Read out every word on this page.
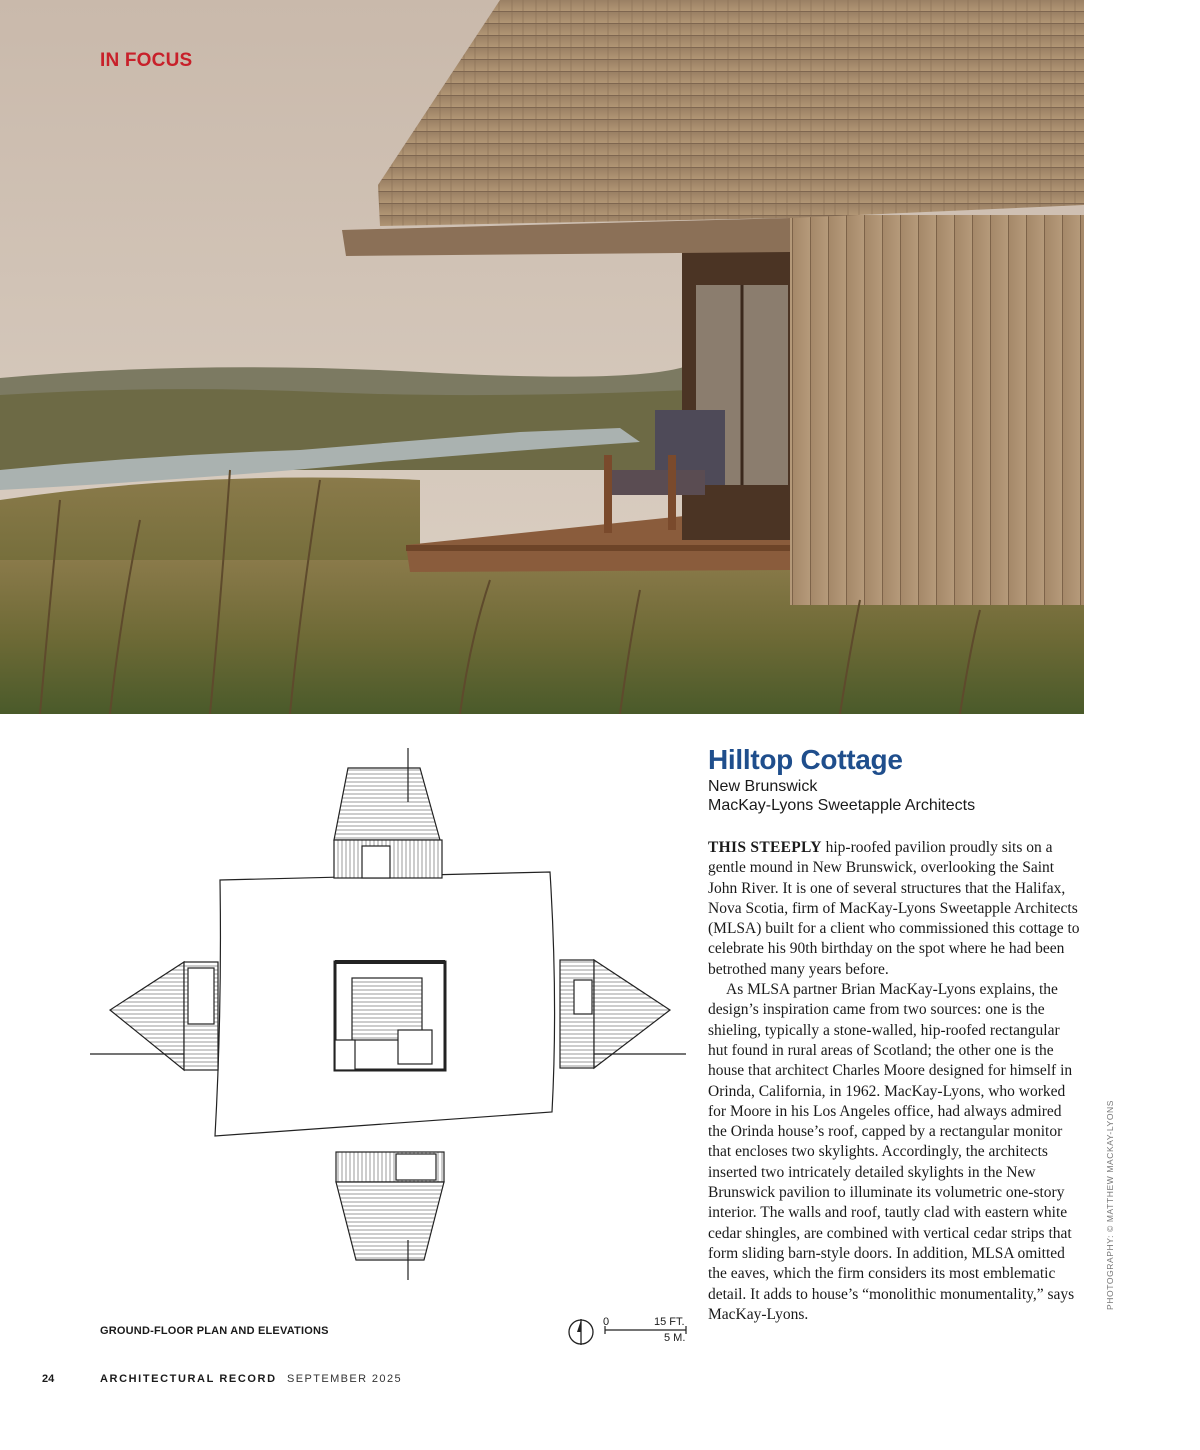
IN FOCUS
GROUND-FLOOR PLAN AND ELEVATIONS
0	15 FT.
5 M.
Hilltop Cottage
New Brunswick
MacKay-Lyons Sweetapple Architects

THIS STEEPLY hip-roofed pavilion proudly sits on a gentle mound in New Brunswick, overlooking the Saint John River. It is one of several structures that the Halifax, Nova Scotia, firm of MacKay-Lyons Sweetapple Architects (MLSA) built for a client who commissioned this cottage to celebrate his 90th birthday on the spot where he had been betrothed many years before.

As MLSA partner Brian MacKay-Lyons explains, the design’s inspiration came from two sources: one is the shieling, typically a stone-walled, hip-roofed rectangular hut found in rural areas of Scotland; the other one is the house that architect Charles Moore designed for himself in Orinda, California, in 1962. MacKay-Lyons, who worked for Moore in his Los Angeles office, had always admired the Orinda house’s roof, capped by a rectangular monitor that encloses two skylights. Accordingly, the architects inserted two intricately detailed skylights in the New Brunswick pavilion to illuminate its volumetric one-story interior. The walls and roof, tautly clad with eastern white cedar shingles, are combined with vertical cedar strips that form sliding barn-style doors. In addition, MLSA omitted the eaves, which the firm considers its most emblematic detail. It adds to house’s “monolithic monumentality,” says MacKay-Lyons.

PHOTOGRAPHY: © MATTHEW MACKAY-LYONS
24	ARCHITECTURAL RECORD SEPTEMBER 2025
